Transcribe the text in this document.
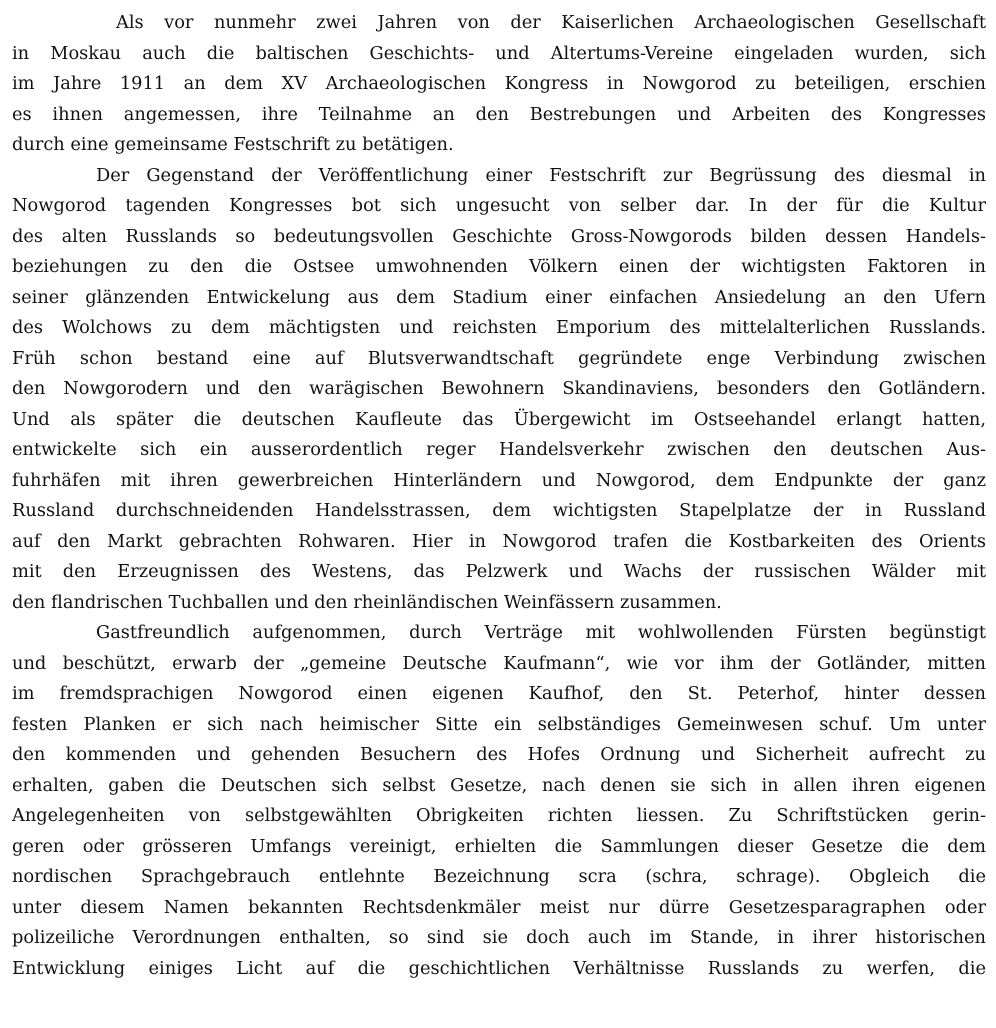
Als vor nunmehr zwei Jahren von der Kaiserlichen Archaeologischen Gesellschaft
in Moskau auch die baltischen Geschichts- und Altertums-Vereine eingeladen wurden, sich
im Jahre 1911 an dem XV Archaeologischen Kongress in Nowgorod zu beteiligen, erschien
es ihnen angemessen, ihre Teilnahme an den Bestrebungen und Arbeiten des Kongresses
durch eine gemeinsame Festschrift zu betätigen.
Der Gegenstand der Veröffentlichung einer Festschrift zur Begrüssung des diesmal in
Nowgorod tagenden Kongresses bot sich ungesucht von selber dar. In der für die Kultur
des alten Russlands so bedeutungsvollen Geschichte Gross-Nowgorods bilden dessen Handels-
beziehungen zu den die Ostsee umwohnenden Völkern einen der wichtigsten Faktoren in
seiner glänzenden Entwickelung aus dem Stadium einer einfachen Ansiedelung an den Ufern
des Wolchows zu dem mächtigsten und reichsten Emporium des mittelalterlichen Russlands.
Früh schon bestand eine auf Blutsverwandtschaft gegründete enge Verbindung zwischen
den Nowgorodern und den warägischen Bewohnern Skandinaviens, besonders den Gotländern.
Und als später die deutschen Kaufleute das Übergewicht im Ostseehandel erlangt hatten,
entwickelte sich ein ausserordentlich reger Handelsverkehr zwischen den deutschen Aus-
fuhrhäfen mit ihren gewerbreichen Hinterländern und Nowgorod, dem Endpunkte der ganz
Russland durchschneidenden Handelsstrassen, dem wichtigsten Stapelplatze der in Russland
auf den Markt gebrachten Rohwaren. Hier in Nowgorod trafen die Kostbarkeiten des Orients
mit den Erzeugnissen des Westens, das Pelzwerk und Wachs der russischen Wälder mit
den flandrischen Tuchballen und den rheinländischen Weinfässern zusammen.
Gastfreundlich aufgenommen, durch Verträge mit wohlwollenden Fürsten begünstigt
und beschützt, erwarb der „gemeine Deutsche Kaufmann“, wie vor ihm der Gotländer, mitten
im fremdsprachigen Nowgorod einen eigenen Kaufhof, den St. Peterhof, hinter dessen
festen Planken er sich nach heimischer Sitte ein selbständiges Gemeinwesen schuf. Um unter
den kommenden und gehenden Besuchern des Hofes Ordnung und Sicherheit aufrecht zu
erhalten, gaben die Deutschen sich selbst Gesetze, nach denen sie sich in allen ihren eigenen
Angelegenheiten von selbstgewählten Obrigkeiten richten liessen. Zu Schriftstücken gerin-
geren oder grösseren Umfangs vereinigt, erhielten die Sammlungen dieser Gesetze die dem
nordischen Sprachgebrauch entlehnte Bezeichnung scra (schra, schrage). Obgleich die
unter diesem Namen bekannten Rechtsdenkmäler meist nur dürre Gesetzesparagraphen oder
polizeiliche Verordnungen enthalten, so sind sie doch auch im Stande, in ihrer historischen
Entwicklung einiges Licht auf die geschichtlichen Verhältnisse Russlands zu werfen, die
